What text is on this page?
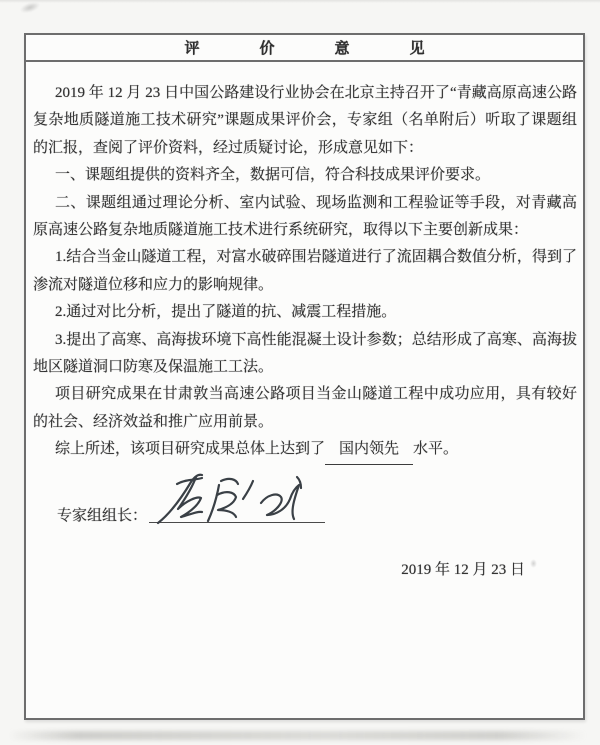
评价意见

2019 年 12 月 23 日中国公路建设行业协会在北京主持召开了“青藏高原高速公路复杂地质隧道施工技术研究”课题成果评价会，专家组（名单附后）听取了课题组的汇报，查阅了评价资料，经过质疑讨论，形成意见如下：

一、课题组提供的资料齐全，数据可信，符合科技成果评价要求。

二、课题组通过理论分析、室内试验、现场监测和工程验证等手段，对青藏高原高速公路复杂地质隧道施工技术进行系统研究，取得以下主要创新成果：

1.结合当金山隧道工程，对富水破碎围岩隧道进行了流固耦合数值分析，得到了渗流对隧道位移和应力的影响规律。

2.通过对比分析，提出了隧道的抗、减震工程措施。

3.提出了高寒、高海拔环境下高性能混凝土设计参数；总结形成了高寒、高海拔地区隧道洞口防寒及保温施工工法。

项目研究成果在甘肃敦当高速公路项目当金山隧道工程中成功应用，具有较好的社会、经济效益和推广应用前景。

综上所述，该项目研究成果总体上达到了 国内领先 水平。

专家组组长：
2019 年 12 月 23 日
